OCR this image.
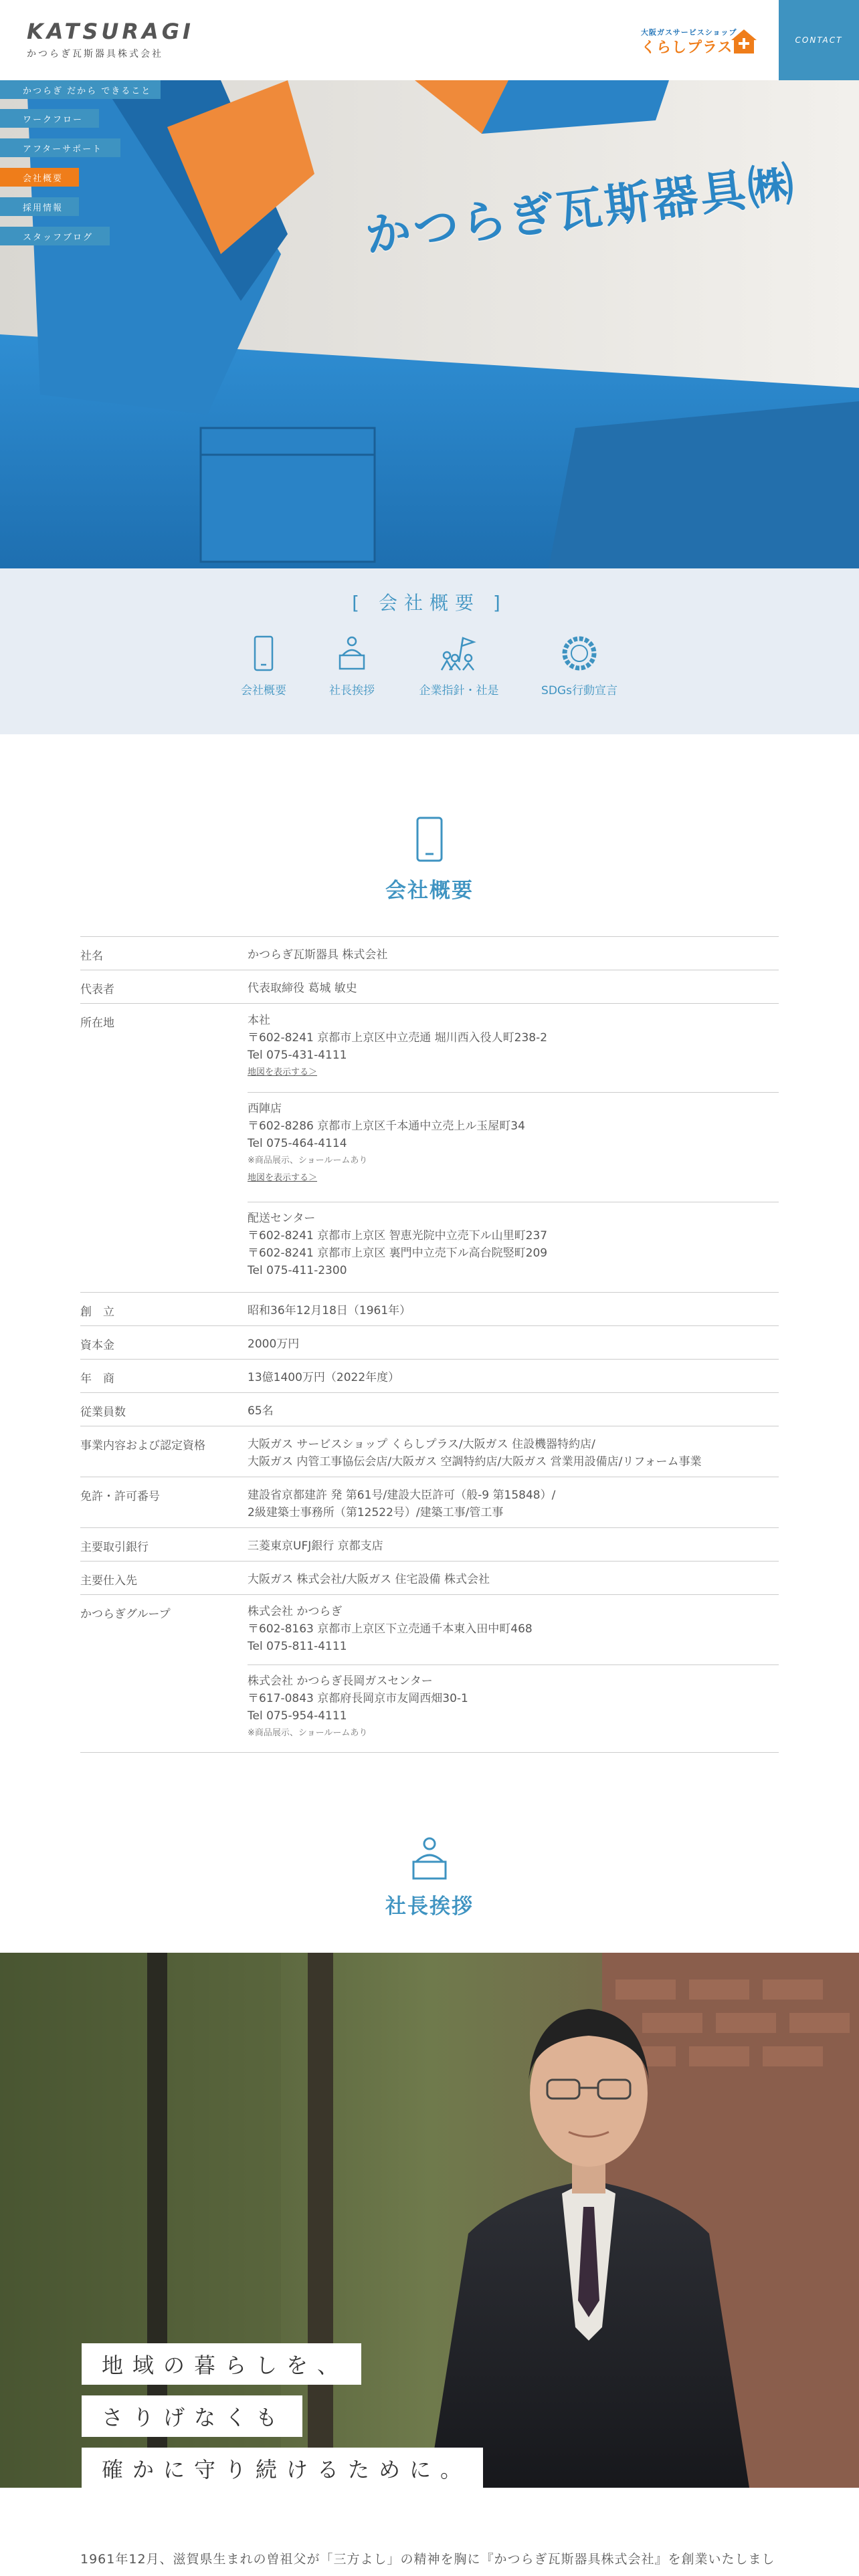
KATSURAGI
かつらぎ瓦斯器具株式会社
大阪ガスサービスショップ
くらしプラス	CONTACT
かつらぎ瓦斯器具㈱
かつらぎ だから できること
ワークフロー
アフターサポート
会社概要
採用情報
スタッフブログ
[ 会社概要 ]
会社概要	社長挨拶	企業指針・社是	SDGs行動宣言
会社概要
社名	かつらぎ瓦斯器具 株式会社
代表者	代表取締役 葛城 敏史
所在地	本社
〒602-8241 京都市上京区中立売通 堀川西入役人町238-2
Tel 075-431-4111
地図を表示する＞
西陣店
〒602-8286 京都市上京区千本通中立売上ル玉屋町34
Tel 075-464-4114
※商品展示、ショールームあり
地図を表示する＞
配送センター
〒602-8241 京都市上京区 智恵光院中立売下ル山里町237
〒602-8241 京都市上京区 裏門中立売下ル高台院竪町209
Tel 075-411-2300
創　立	昭和36年12月18日（1961年）
資本金	2000万円
年　商	13億1400万円（2022年度）
従業員数	65名
事業内容および認定資格	大阪ガス サービスショップ くらしプラス/大阪ガス 住設機器特約店/
大阪ガス 内管工事協伝会店/大阪ガス 空調特約店/大阪ガス 営業用設備店/リフォーム事業
免許・許可番号	建設省京都建許 発 第61号/建設大臣許可（般-9 第15848）/
2級建築士事務所（第12522号）/建築工事/管工事
主要取引銀行	三菱東京UFJ銀行 京都支店
主要仕入先	大阪ガス 株式会社/大阪ガス 住宅設備 株式会社
かつらぎグループ	株式会社 かつらぎ
〒602-8163 京都市上京区下立売通千本東入田中町468
Tel 075-811-4111
株式会社 かつらぎ長岡ガスセンター
〒617-0843 京都府長岡京市友岡西畑30-1
Tel 075-954-4111
※商品展示、ショールームあり
社長挨拶
地域の暮らしを、
さりげなくも
確かに守り続けるために。
1961年12月、滋賀県生まれの曽祖父が「三方よし」の精神を胸に『かつらぎ瓦斯器具株式会社』を創業いたしまし
